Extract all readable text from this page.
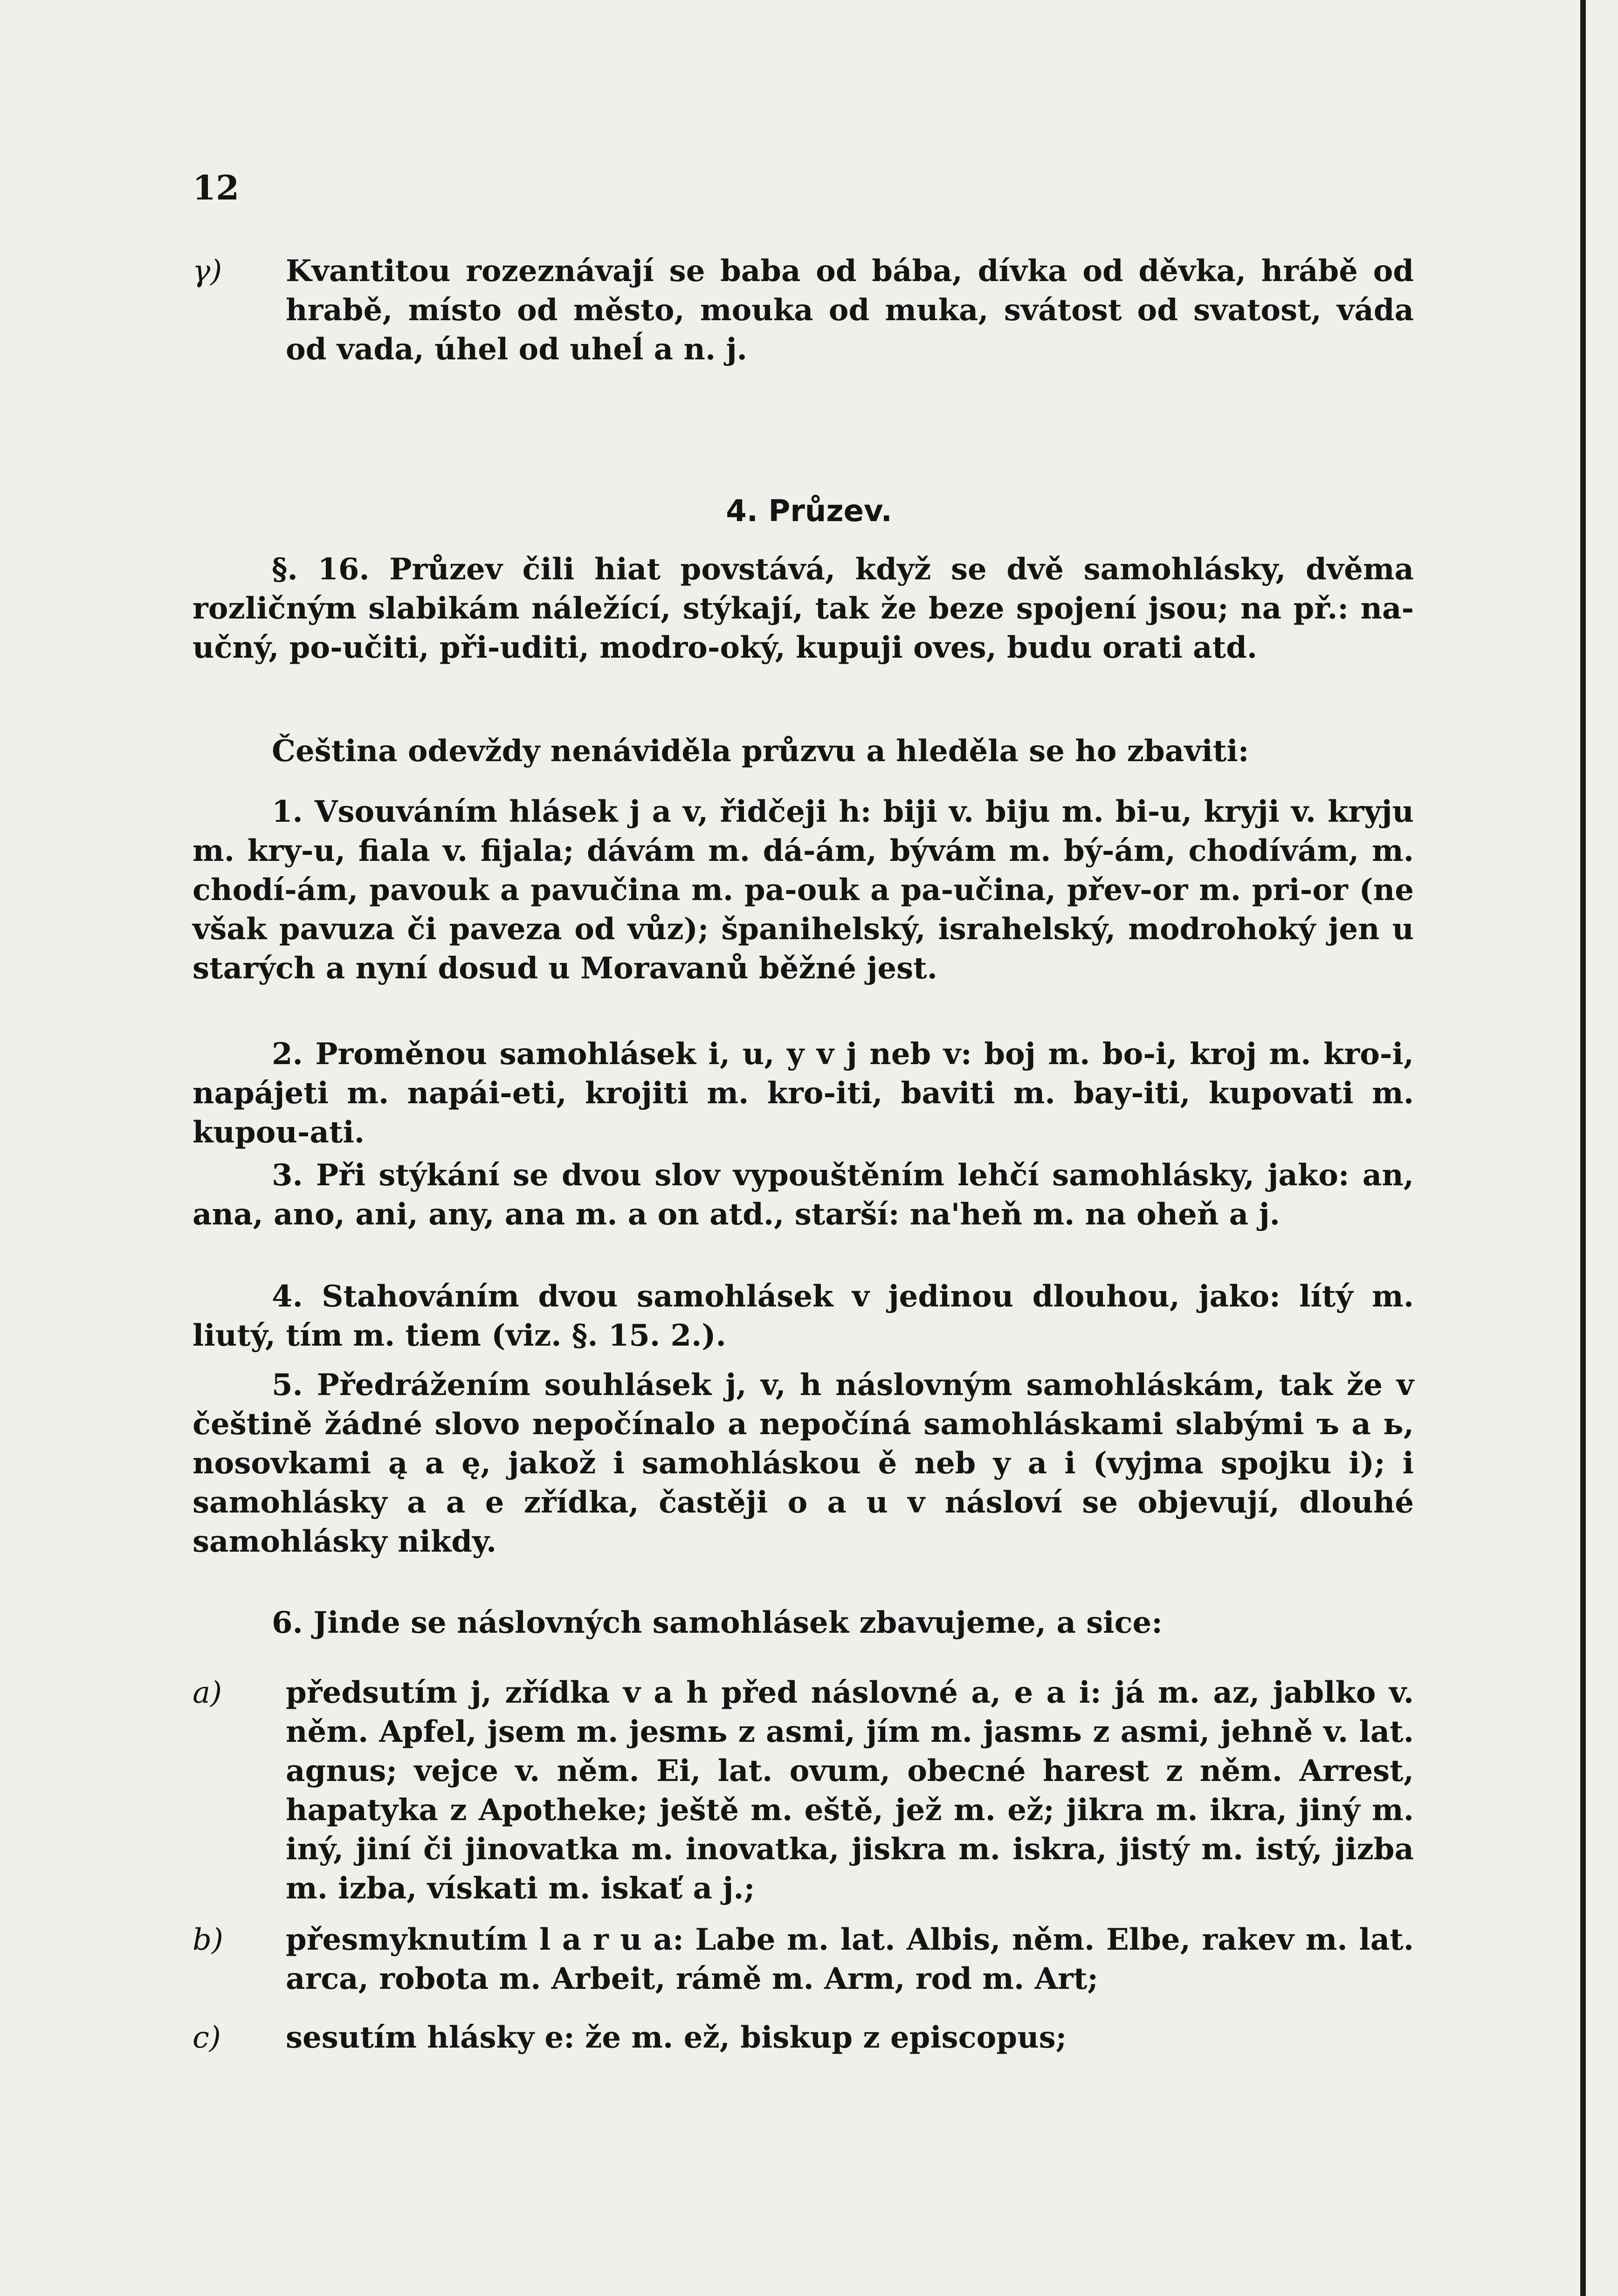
12
γ)	Kvantitou rozeznávají se baba od bába, dívka od děvka, hrábě od hrabě, místo od město, mouka od muka, svátost od svatost, váda od vada, úhel od uheĺ a n. j.
4. Průzev.
§. 16. Průzev čili hiat povstává, když se dvě samohlásky, dvěma rozličným slabikám náležící, stýkají, tak že beze spojení jsou; na př.: na-učný, po-učiti, při-uditi, modro-oký, kupuji oves, budu orati atd.
Čeština odevždy nenáviděla průzvu a hleděla se ho zbaviti:
1. Vsouváním hlásek j a v, řidčeji h: biji v. biju m. bi-u, kryji v. kryju m. kry-u, fiala v. fijala; dávám m. dá-ám, bývám m. bý-ám, chodívám, m. chodí-ám, pavouk a pavučina m. pa-ouk a pa-učina, přev-or m. pri-or (ne však pavuza či paveza od vůz); španihelský, israhelský, modrohoký jen u starých a nyní dosud u Moravanů běžné jest.
2. Proměnou samohlásek i, u, y v j neb v: boj m. bo-i, kroj m. kro-i, napájeti m. napái-eti, krojiti m. kro-iti, baviti m. bay-iti, kupovati m. kupou-ati.
3. Při stýkání se dvou slov vypouštěním lehčí samohlásky, jako: an, ana, ano, ani, any, ana m. a on atd., starší: na'heň m. na oheň a j.
4. Stahováním dvou samohlásek v jedinou dlouhou, jako: lítý m. liutý, tím m. tiem (viz. §. 15. 2.).
5. Předrážením souhlásek j, v, h náslovným samohláskám, tak že v češtině žádné slovo nepočínalo a nepočíná samohláskami slabými ъ a ь, nosovkami ą a ę, jakož i samohláskou ě neb y a i (vyjma spojku i); i samohlásky a a e zřídka, častěji o a u v násloví se objevují, dlouhé samohlásky nikdy.
6. Jinde se náslovných samohlásek zbavujeme, a sice:
a)	předsutím j, zřídka v a h před náslovné a, e a i: já m. az, jablko v. něm. Apfel, jsem m. jesmь z asmi, jím m. jasmь z asmi, jehně v. lat. agnus; vejce v. něm. Ei, lat. ovum, obecné harest z něm. Arrest, hapatyka z Apotheke; ještě m. eště, jež m. ež; jikra m. ikra, jiný m. iný, jiní či jinovatka m. inovatka, jiskra m. iskra, jistý m. istý, jizba m. izba, vískati m. iskať a j.;
b)	přesmyknutím l a r u a: Labe m. lat. Albis, něm. Elbe, rakev m. lat. arca, robota m. Arbeit, rámě m. Arm, rod m. Art;
c)	sesutím hlásky e: že m. ež, biskup z episcopus;
